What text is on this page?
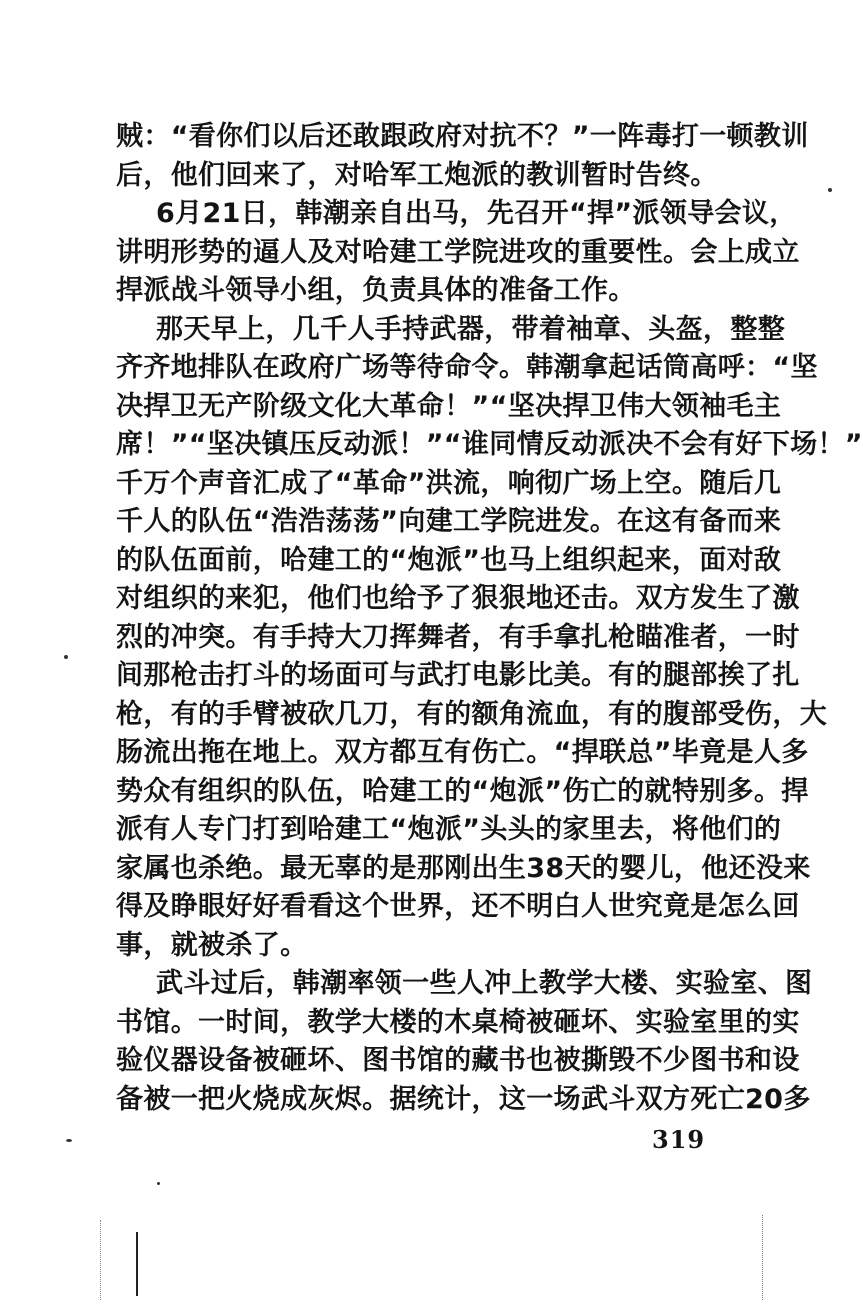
贼：“看你们以后还敢跟政府对抗不？”一阵毒打一顿教训
后，他们回来了，对哈军工炮派的教训暂时告终。
6月21日，韩潮亲自出马，先召开“捍”派领导会议，
讲明形势的逼人及对哈建工学院进攻的重要性。会上成立
捍派战斗领导小组，负责具体的准备工作。
那天早上，几千人手持武器，带着袖章、头盔，整整
齐齐地排队在政府广场等待命令。韩潮拿起话筒高呼：“坚
决捍卫无产阶级文化大革命！”“坚决捍卫伟大领袖毛主
席！”“坚决镇压反动派！”“谁同情反动派决不会有好下场！”
千万个声音汇成了“革命”洪流，响彻广场上空。随后几
千人的队伍“浩浩荡荡”向建工学院进发。在这有备而来
的队伍面前，哈建工的“炮派”也马上组织起来，面对敌
对组织的来犯，他们也给予了狠狠地还击。双方发生了激
烈的冲突。有手持大刀挥舞者，有手拿扎枪瞄准者，一时
间那枪击打斗的场面可与武打电影比美。有的腿部挨了扎
枪，有的手臂被砍几刀，有的额角流血，有的腹部受伤，大
肠流出拖在地上。双方都互有伤亡。“捍联总”毕竟是人多
势众有组织的队伍，哈建工的“炮派”伤亡的就特别多。捍
派有人专门打到哈建工“炮派”头头的家里去，将他们的
家属也杀绝。最无辜的是那刚出生38天的婴儿，他还没来
得及睁眼好好看看这个世界，还不明白人世究竟是怎么回
事，就被杀了。
武斗过后，韩潮率领一些人冲上教学大楼、实验室、图
书馆。一时间，教学大楼的木桌椅被砸坏、实验室里的实
验仪器设备被砸坏、图书馆的藏书也被撕毁不少图书和设
备被一把火烧成灰烬。据统计，这一场武斗双方死亡20多
319
